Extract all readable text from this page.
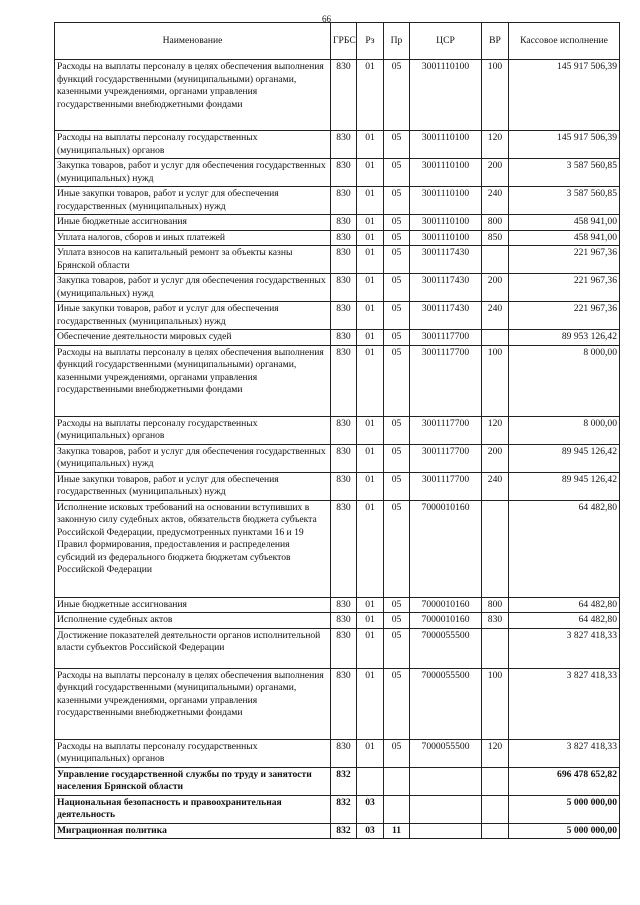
66
Наименование	ГРБС	Рз	Пр	ЦСР	ВР	Кассовое исполнение
Расходы на выплаты персоналу в целях обеспечения выполнения функций государственными (муниципальными) органами, казенными учреждениями, органами управления государственными внебюджетными фондами	830	01	05	3001110100	100	145 917 506,39
Расходы на выплаты персоналу государственных (муниципальных) органов	830	01	05	3001110100	120	145 917 506,39
Закупка товаров, работ и услуг для обеспечения государственных (муниципальных) нужд	830	01	05	3001110100	200	3 587 560,85
Иные закупки товаров, работ и услуг для обеспечения государственных (муниципальных) нужд	830	01	05	3001110100	240	3 587 560,85
Иные бюджетные ассигнования	830	01	05	3001110100	800	458 941,00
Уплата налогов, сборов и иных платежей	830	01	05	3001110100	850	458 941,00
Уплата взносов на капитальный ремонт за объекты казны Брянской области	830	01	05	3001117430		221 967,36
Закупка товаров, работ и услуг для обеспечения государственных (муниципальных) нужд	830	01	05	3001117430	200	221 967,36
Иные закупки товаров, работ и услуг для обеспечения государственных (муниципальных) нужд	830	01	05	3001117430	240	221 967,36
Обеспечение деятельности мировых судей	830	01	05	3001117700		89 953 126,42
Расходы на выплаты персоналу в целях обеспечения выполнения функций государственными (муниципальными) органами, казенными учреждениями, органами управления государственными внебюджетными фондами	830	01	05	3001117700	100	8 000,00
Расходы на выплаты персоналу государственных (муниципальных) органов	830	01	05	3001117700	120	8 000,00
Закупка товаров, работ и услуг для обеспечения государственных (муниципальных) нужд	830	01	05	3001117700	200	89 945 126,42
Иные закупки товаров, работ и услуг для обеспечения государственных (муниципальных) нужд	830	01	05	3001117700	240	89 945 126,42
Исполнение исковых требований на основании вступивших в законную силу судебных актов, обязательств бюджета субъекта Российской Федерации, предусмотренных пунктами 16 и 19 Правил формирования, предоставления и распределения субсидий из федерального бюджета бюджетам субъектов Российской Федерации	830	01	05	7000010160		64 482,80
Иные бюджетные ассигнования	830	01	05	7000010160	800	64 482,80
Исполнение судебных актов	830	01	05	7000010160	830	64 482,80
Достижение показателей деятельности органов исполнительной власти субъектов Российской Федерации	830	01	05	7000055500		3 827 418,33
Расходы на выплаты персоналу в целях обеспечения выполнения функций государственными (муниципальными) органами, казенными учреждениями, органами управления государственными внебюджетными фондами	830	01	05	7000055500	100	3 827 418,33
Расходы на выплаты персоналу государственных (муниципальных) органов	830	01	05	7000055500	120	3 827 418,33
Управление государственной службы по труду и занятости населения Брянской области	832					696 478 652,82
Национальная безопасность и правоохранительная деятельность	832	03				5 000 000,00
Миграционная политика	832	03	11			5 000 000,00
